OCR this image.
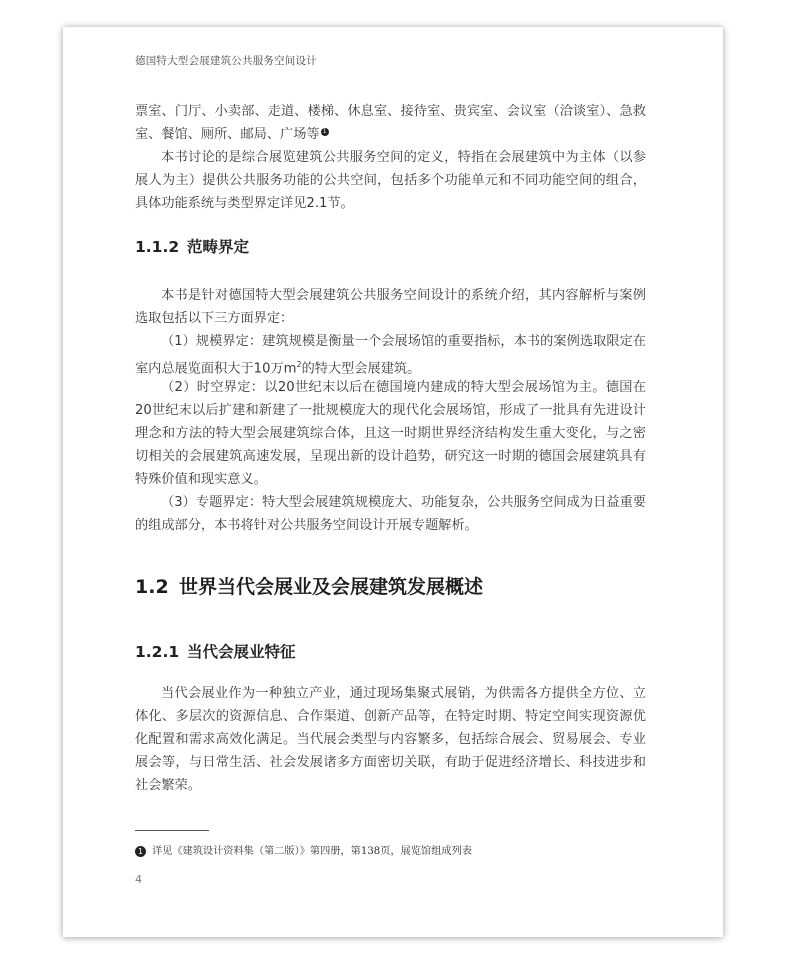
德国特大型会展建筑公共服务空间设计

票室、门厅、小卖部、走道、楼梯、休息室、接待室、贵宾室、会议室（洽谈室）、急救室、餐馆、厕所、邮局、广场等 1

本书讨论的是综合展览建筑公共服务空间的定义，特指在会展建筑中为主体（以参展人为主）提供公共服务功能的公共空间，包括多个功能单元和不同功能空间的组合，具体功能系统与类型界定详见2.1节。

1.1.2 范畴界定

本书是针对德国特大型会展建筑公共服务空间设计的系统介绍，其内容解析与案例选取包括以下三方面界定：

（1）规模界定：建筑规模是衡量一个会展场馆的重要指标，本书的案例选取限定在室内总展览面积大于10万$m^2$的特大型会展建筑。

（2）时空界定：以20世纪末以后在德国境内建成的特大型会展场馆为主。德国在20世纪末以后扩建和新建了一批规模庞大的现代化会展场馆，形成了一批具有先进设计理念和方法的特大型会展建筑综合体，且这一时期世界经济结构发生重大变化，与之密切相关的会展建筑高速发展，呈现出新的设计趋势，研究这一时期的德国会展建筑具有特殊价值和现实意义。

（3）专题界定：特大型会展建筑规模庞大、功能复杂，公共服务空间成为日益重要的组成部分，本书将针对公共服务空间设计开展专题解析。

1.2 世界当代会展业及会展建筑发展概述
1.2.1 当代会展业特征

当代会展业作为一种独立产业，通过现场集聚式展销，为供需各方提供全方位、立体化、多层次的资源信息、合作渠道、创新产品等，在特定时期、特定空间实现资源优化配置和需求高效化满足。当代展会类型与内容繁多，包括综合展会、贸易展会、专业展会等，与日常生活、社会发展诸多方面密切关联，有助于促进经济增长、科技进步和社会繁荣。

1 详见《建筑设计资料集（第二版）》第四册，第138页，展览馆组成列表
4
